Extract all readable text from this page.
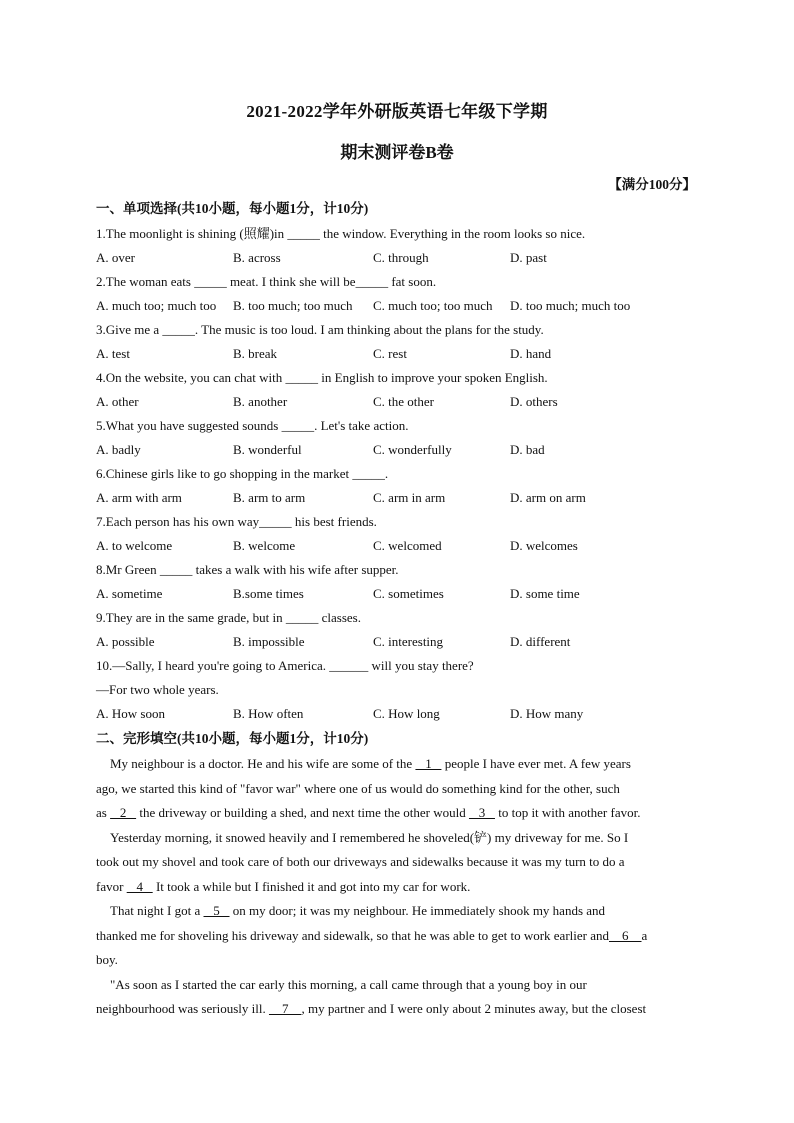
2021-2022学年外研版英语七年级下学期
期末测评卷B卷
【满分100分】
一、单项选择(共10小题，每小题1分，计10分)
1.The moonlight is shining (照耀)in _____ the window. Everything in the room looks so nice.
A. over	B. across	C. through	D. past
2.The woman eats _____ meat. I think she will be_____ fat soon.
A. much too; much too B. too much; too much C. much too; too much D. too much; much too
3.Give me a _____. The music is too loud. I am thinking about the plans for the study.
A. test	B. break	C. rest	D. hand
4.On the website, you can chat with _____ in English to improve your spoken English.
A. other	B. another	C. the other	D. others
5.What you have suggested sounds _____. Let's take action.
A. badly	B. wonderful	C. wonderfully	D. bad
6.Chinese girls like to go shopping in the market _____.
A. arm with arm	B. arm to arm	C. arm in arm	D. arm on arm
7.Each person has his own way_____ his best friends.
A. to welcome	B. welcome	C. welcomed	D. welcomes
8.Mr Green _____ takes a walk with his wife after supper.
A. sometime	B.some times	C. sometimes	D. some time
9.They are in the same grade, but in _____ classes.
A. possible	B. impossible	C. interesting	D. different
10.—Sally, I heard you're going to America. ______ will you stay there?
—For two whole years.
A. How soon	B. How often	C. How long	D. How many
二、完形填空(共10小题，每小题1分，计10分)
My neighbour is a doctor. He and his wife are some of the    1    people I have ever met. A few years
ago, we started this kind of "favor war" where one of us would do something kind for the other, such
as    2    the driveway or building a shed, and next time the other would    3    to top it with another favor.
Yesterday morning, it snowed heavily and I remembered he shoveled(铲) my driveway for me. So I
took out my shovel and took care of both our driveways and sidewalks because it was my turn to do a
favor    4    It took a while but I finished it and got into my car for work.
That night I got a    5    on my door; it was my neighbour. He immediately shook my hands and
thanked me for shoveling his driveway and sidewalk, so that he was able to get to work earlier and    6    a
boy.
"As soon as I started the car early this morning, a call came through that a young boy in our
neighbourhood was seriously ill.     7    , my partner and I were only about 2 minutes away, but the closest
